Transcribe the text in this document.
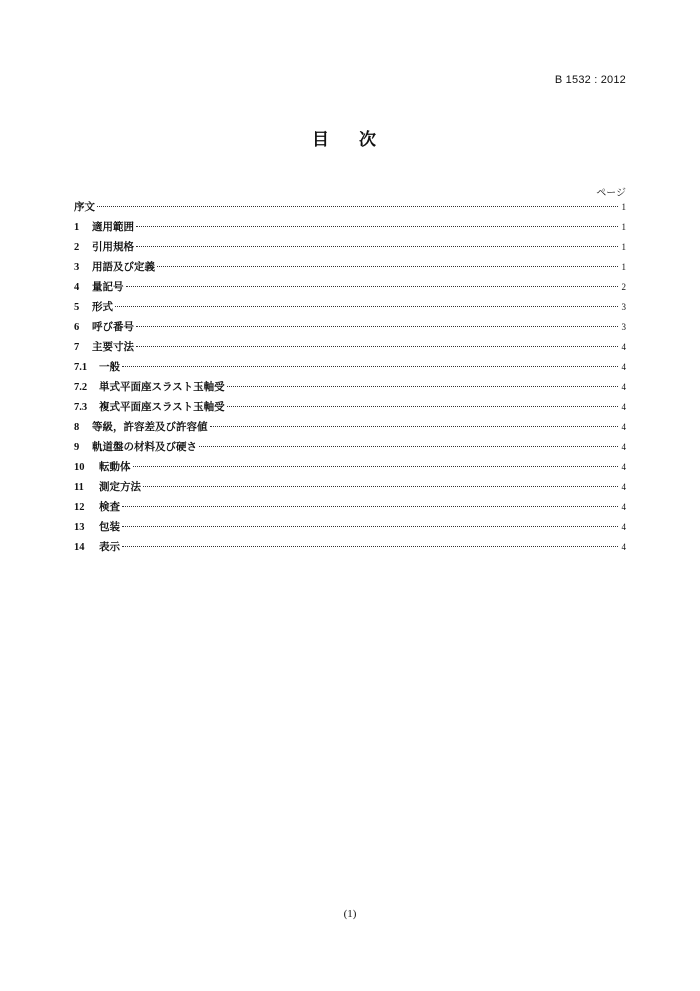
B 1532 : 2012
目 次
ページ
序文	1
1	適用範囲	1
2	引用規格	1
3	用語及び定義	1
4	量記号	2
5	形式	3
6	呼び番号	3
7	主要寸法	4
7.1	一般	4
7.2	単式平面座スラスト玉軸受	4
7.3	複式平面座スラスト玉軸受	4
8	等級，許容差及び許容値	4
9	軌道盤の材料及び硬さ	4
10	転動体	4
11	測定方法	4
12	検査	4
13	包装	4
14	表示	4
(1)
